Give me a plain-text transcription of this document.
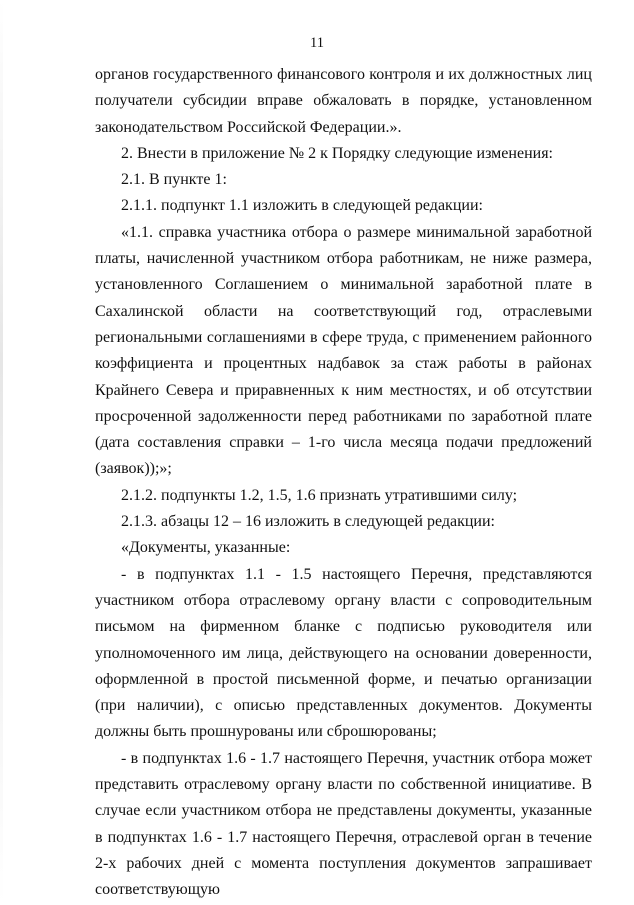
11

органов государственного финансового контроля и их должностных лиц получатели субсидии вправе обжаловать в порядке, установленном законодательством Российской Федерации.».

2. Внести в приложение № 2 к Порядку следующие изменения:

2.1. В пункте 1:

2.1.1. подпункт 1.1 изложить в следующей редакции:

«1.1. справка участника отбора о размере минимальной заработной платы, начисленной участником отбора работникам, не ниже размера, установленного Соглашением о минимальной заработной плате в Сахалинской области на соответствующий год, отраслевыми региональными соглашениями в сфере труда, с применением районного коэффициента и процентных надбавок за стаж работы в районах Крайнего Севера и приравненных к ним местностях, и об отсутствии просроченной задолженности перед работниками по заработной плате (дата составления справки – 1-го числа месяца подачи предложений (заявок));»;

2.1.2. подпункты 1.2, 1.5, 1.6 признать утратившими силу;

2.1.3. абзацы 12 – 16 изложить в следующей редакции:

«Документы, указанные:

- в подпунктах 1.1 - 1.5 настоящего Перечня, представляются участником отбора отраслевому органу власти с сопроводительным письмом на фирменном бланке с подписью руководителя или уполномоченного им лица, действующего на основании доверенности, оформленной в простой письменной форме, и печатью организации (при наличии), с описью представленных документов. Документы должны быть прошнурованы или сброшюрованы;

- в подпунктах 1.6 - 1.7 настоящего Перечня, участник отбора может представить отраслевому органу власти по собственной инициативе. В случае если участником отбора не представлены документы, указанные в подпунктах 1.6 - 1.7 настоящего Перечня, отраслевой орган в течение 2-х рабочих дней с момента поступления документов запрашивает соответствующую
